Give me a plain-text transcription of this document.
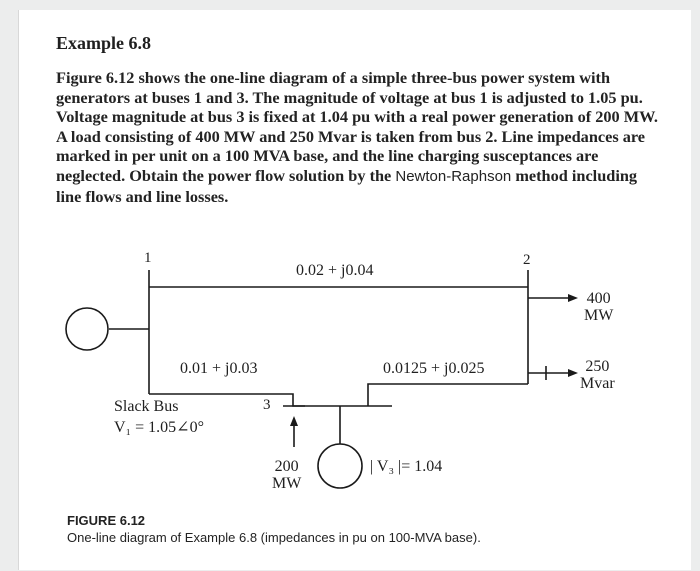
Example 6.8
Figure 6.12 shows the one-line diagram of a simple three-bus power system with generators at buses 1 and 3. The magnitude of voltage at bus 1 is adjusted to 1.05 pu. Voltage magnitude at bus 3 is fixed at 1.04 pu with a real power generation of 200 MW. A load consisting of 400 MW and 250 Mvar is taken from bus 2. Line impedances are marked in per unit on a 100 MVA base, and the line charging susceptances are neglected. Obtain the power flow solution by the Newton-Raphson method including line flows and line losses.
1	2
3
0.02 + j0.04
0.01 + j0.03	0.0125 + j0.025
400
MW
250
Mvar
Slack Bus
V₁ = 1.05∠0°
200
MW
| V₃ |= 1.04
FIGURE 6.12
One-line diagram of Example 6.8 (impedances in pu on 100-MVA base).
